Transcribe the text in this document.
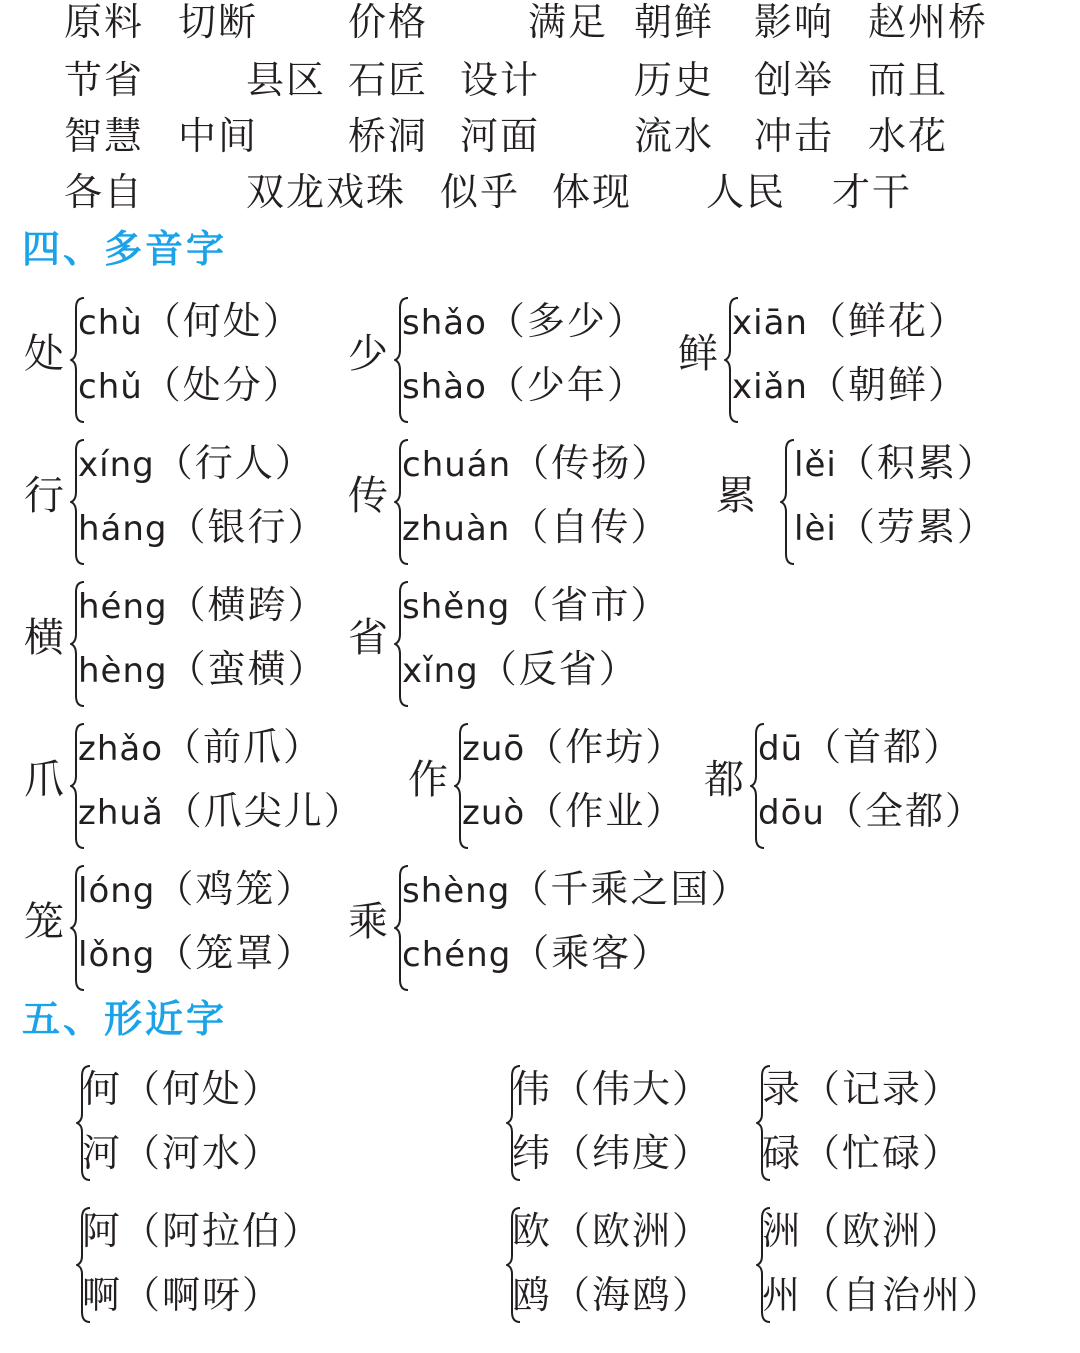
原料 切断 价格	满足 朝鲜 影响 赵州桥
节省	县区 石匠 设计 历史 创举 而且
智慧 中间 桥洞 河面 流水 冲击 水花
各自	双龙戏珠 似乎 体现 人民 才干
四、多音字
处
chù（何处）
chǔ（处分）
少
shǎo（多少）
shào（少年）
鲜
xiān（鲜花）
xiǎn（朝鲜）
行
xíng（行人）
háng（银行）
传
chuán（传扬）
zhuàn（自传）
累
lěi（积累）
lèi（劳累）
横
héng（横跨）
hèng（蛮横）
省
shěng（省市）
xǐng（反省）
爪
zhǎo（前爪）
zhuǎ（爪尖儿）
作
zuō（作坊）
zuò（作业）
都
dū（首都）
dōu（全都）
笼
lóng（鸡笼）
lǒng（笼罩）
乘
shèng（千乘之国）
chéng（乘客）
五、形近字
何（何处）
河（河水）
伟（伟大）
纬（纬度）
录（记录）
碌（忙碌）
阿（阿拉伯）
啊（啊呀）
欧（欧洲）
鸥（海鸥）
洲（欧洲）
州（自治州）
